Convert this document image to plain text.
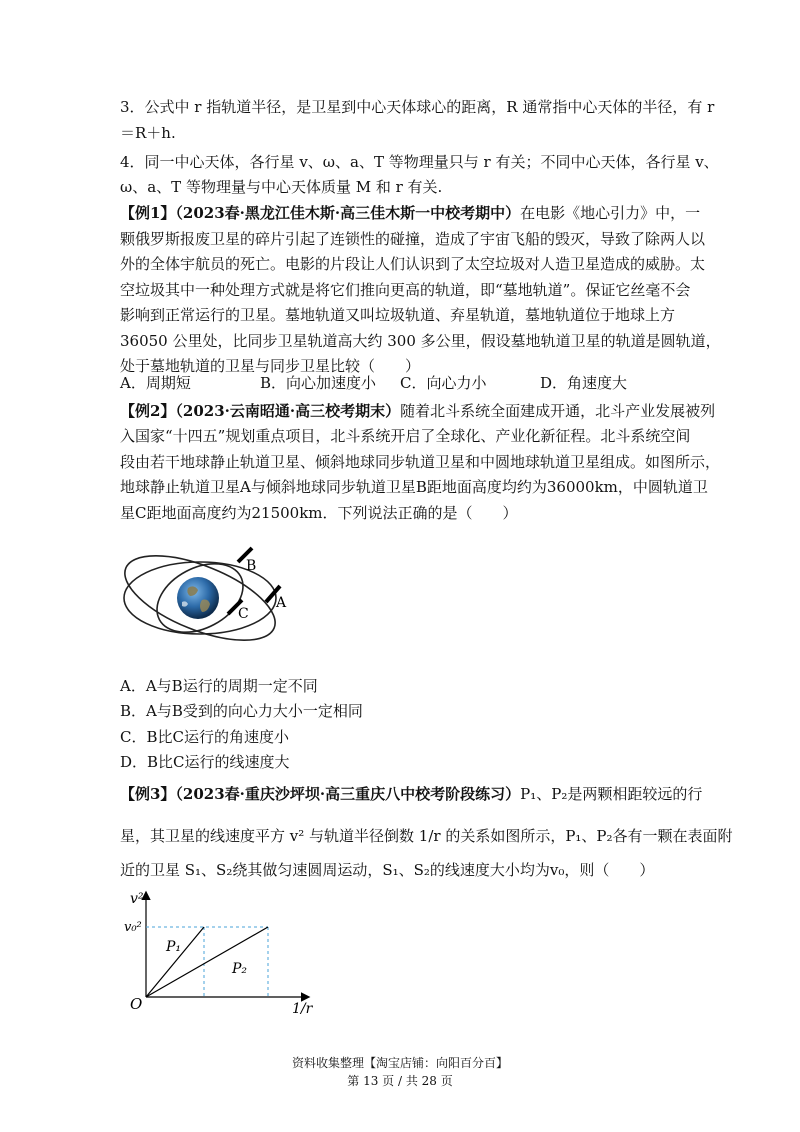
3．公式中 r 指轨道半径，是卫星到中心天体球心的距离，R 通常指中心天体的半径，有 r
＝R＋h.
4．同一中心天体，各行星 v、ω、a、T 等物理量只与 r 有关；不同中心天体，各行星 v、
ω、a、T 等物理量与中心天体质量 M 和 r 有关.
【例1】（2023春·黑龙江佳木斯·高三佳木斯一中校考期中）在电影《地心引力》中，一
颗俄罗斯报废卫星的碎片引起了连锁性的碰撞，造成了宇宙飞船的毁灭，导致了除两人以
外的全体宇航员的死亡。电影的片段让人们认识到了太空垃圾对人造卫星造成的威胁。太
空垃圾其中一种处理方式就是将它们推向更高的轨道，即“墓地轨道”。保证它丝毫不会
影响到正常运行的卫星。墓地轨道又叫垃圾轨道、弃星轨道，墓地轨道位于地球上方
36050 公里处，比同步卫星轨道高大约 300 多公里，假设墓地轨道卫星的轨道是圆轨道，
处于墓地轨道的卫星与同步卫星比较（　　）
A．周期短	B．向心加速度小 C．向心力小	D．角速度大
【例2】（2023·云南昭通·高三校考期末）随着北斗系统全面建成开通，北斗产业发展被列
入国家“十四五”规划重点项目，北斗系统开启了全球化、产业化新征程。北斗系统空间
段由若干地球静止轨道卫星、倾斜地球同步轨道卫星和中圆地球轨道卫星组成。如图所示，
地球静止轨道卫星A与倾斜地球同步轨道卫星B距地面高度均约为36000km，中圆轨道卫
星C距地面高度约为21500km．下列说法正确的是（　　）
B
C
A
A．A与B运行的周期一定不同
B．A与B受到的向心力大小一定相同
C．B比C运行的角速度小
D．B比C运行的线速度大
【例3】（2023春·重庆沙坪坝·高三重庆八中校考阶段练习）P₁、P₂是两颗相距较远的行
星，其卫星的线速度平方 v² 与轨道半径倒数 1/r 的关系如图所示，P₁、P₂各有一颗在表面附
近的卫星 S₁、S₂绕其做匀速圆周运动，S₁、S₂的线速度大小均为v₀，则（　　）
v²
v₀²
1/r
O
P₁
P₂
资料收集整理【淘宝店铺：向阳百分百】
第 13 页 / 共 28 页
